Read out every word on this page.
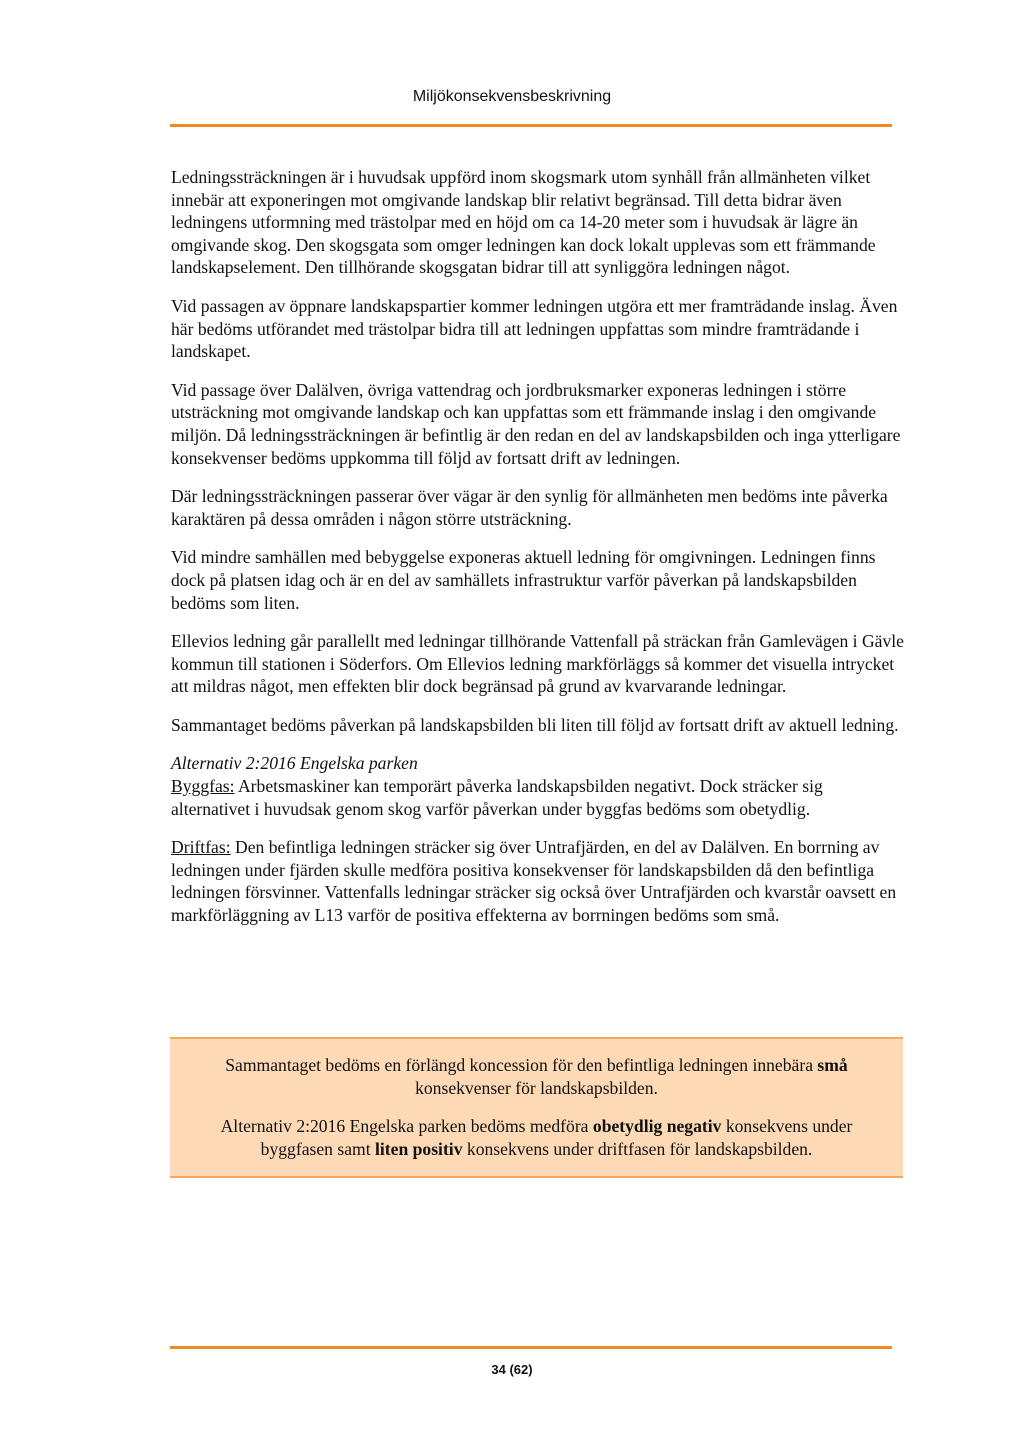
Miljökonsekvensbeskrivning

Ledningssträckningen är i huvudsak uppförd inom skogsmark utom synhåll från allmänheten vilket innebär att exponeringen mot omgivande landskap blir relativt begränsad. Till detta bidrar även ledningens utformning med trästolpar med en höjd om ca 14-20 meter som i huvudsak är lägre än omgivande skog. Den skogsgata som omger ledningen kan dock lokalt upplevas som ett främmande landskapselement. Den tillhörande skogsgatan bidrar till att synliggöra ledningen något.

Vid passagen av öppnare landskapspartier kommer ledningen utgöra ett mer framträdande inslag. Även här bedöms utförandet med trästolpar bidra till att ledningen uppfattas som mindre framträdande i landskapet.

Vid passage över Dalälven, övriga vattendrag och jordbruksmarker exponeras ledningen i större utsträckning mot omgivande landskap och kan uppfattas som ett främmande inslag i den omgivande miljön. Då ledningssträckningen är befintlig är den redan en del av landskapsbilden och inga ytterligare konsekvenser bedöms uppkomma till följd av fortsatt drift av ledningen.

Där ledningssträckningen passerar över vägar är den synlig för allmänheten men bedöms inte påverka karaktären på dessa områden i någon större utsträckning.

Vid mindre samhällen med bebyggelse exponeras aktuell ledning för omgivningen. Ledningen finns dock på platsen idag och är en del av samhällets infrastruktur varför påverkan på landskapsbilden bedöms som liten.

Ellevios ledning går parallellt med ledningar tillhörande Vattenfall på sträckan från Gamlevägen i Gävle kommun till stationen i Söderfors. Om Ellevios ledning markförläggs så kommer det visuella intrycket att mildras något, men effekten blir dock begränsad på grund av kvarvarande ledningar.

Sammantaget bedöms påverkan på landskapsbilden bli liten till följd av fortsatt drift av aktuell ledning.

Alternativ 2:2016 Engelska parken

Byggfas: Arbetsmaskiner kan temporärt påverka landskapsbilden negativt. Dock sträcker sig alternativet i huvudsak genom skog varför påverkan under byggfas bedöms som obetydlig.

Driftfas: Den befintliga ledningen sträcker sig över Untrafjärden, en del av Dalälven. En borrning av ledningen under fjärden skulle medföra positiva konsekvenser för landskapsbilden då den befintliga ledningen försvinner. Vattenfalls ledningar sträcker sig också över Untrafjärden och kvarstår oavsett en markförläggning av L13 varför de positiva effekterna av borrningen bedöms som små.

Sammantaget bedöms en förlängd koncession för den befintliga ledningen innebära små konsekvenser för landskapsbilden.

Alternativ 2:2016 Engelska parken bedöms medföra obetydlig negativ konsekvens under byggfasen samt liten positiv konsekvens under driftfasen för landskapsbilden.

34 (62)
